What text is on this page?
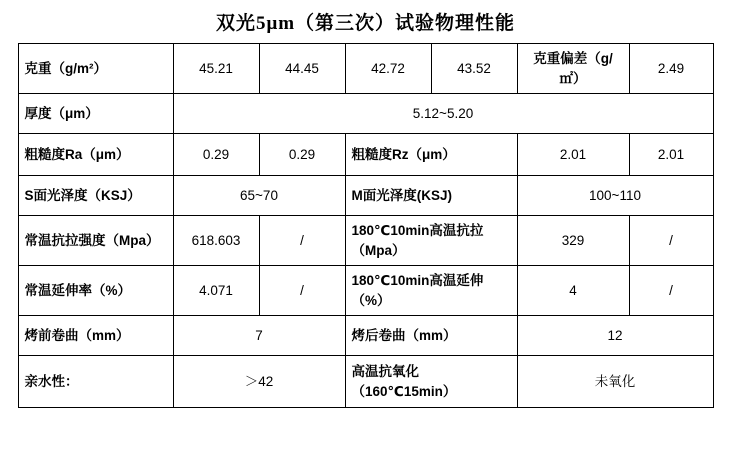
双光5μm（第三次）试验物理性能
克重（g/m²）	45.21	44.45	42.72	43.52	克重偏差（g/㎡）	2.49
厚度（μm）	5.12~5.20					
粗糙度Ra（μm）	0.29	0.29	粗糙度Rz（μm）		2.01	2.01
S面光泽度（KSJ）	65~70		M面光泽度(KSJ)		100~110	
常温抗拉强度（Mpa）	618.603	/	180℃10min高温抗拉（Mpa）		329	/
常温延伸率（%）	4.071	/	180℃10min高温延伸（%）		4	/
烤前卷曲（mm）	7		烤后卷曲（mm）		12	
亲水性：	＞42		高温抗氧化（160℃15min）		未氧化	
